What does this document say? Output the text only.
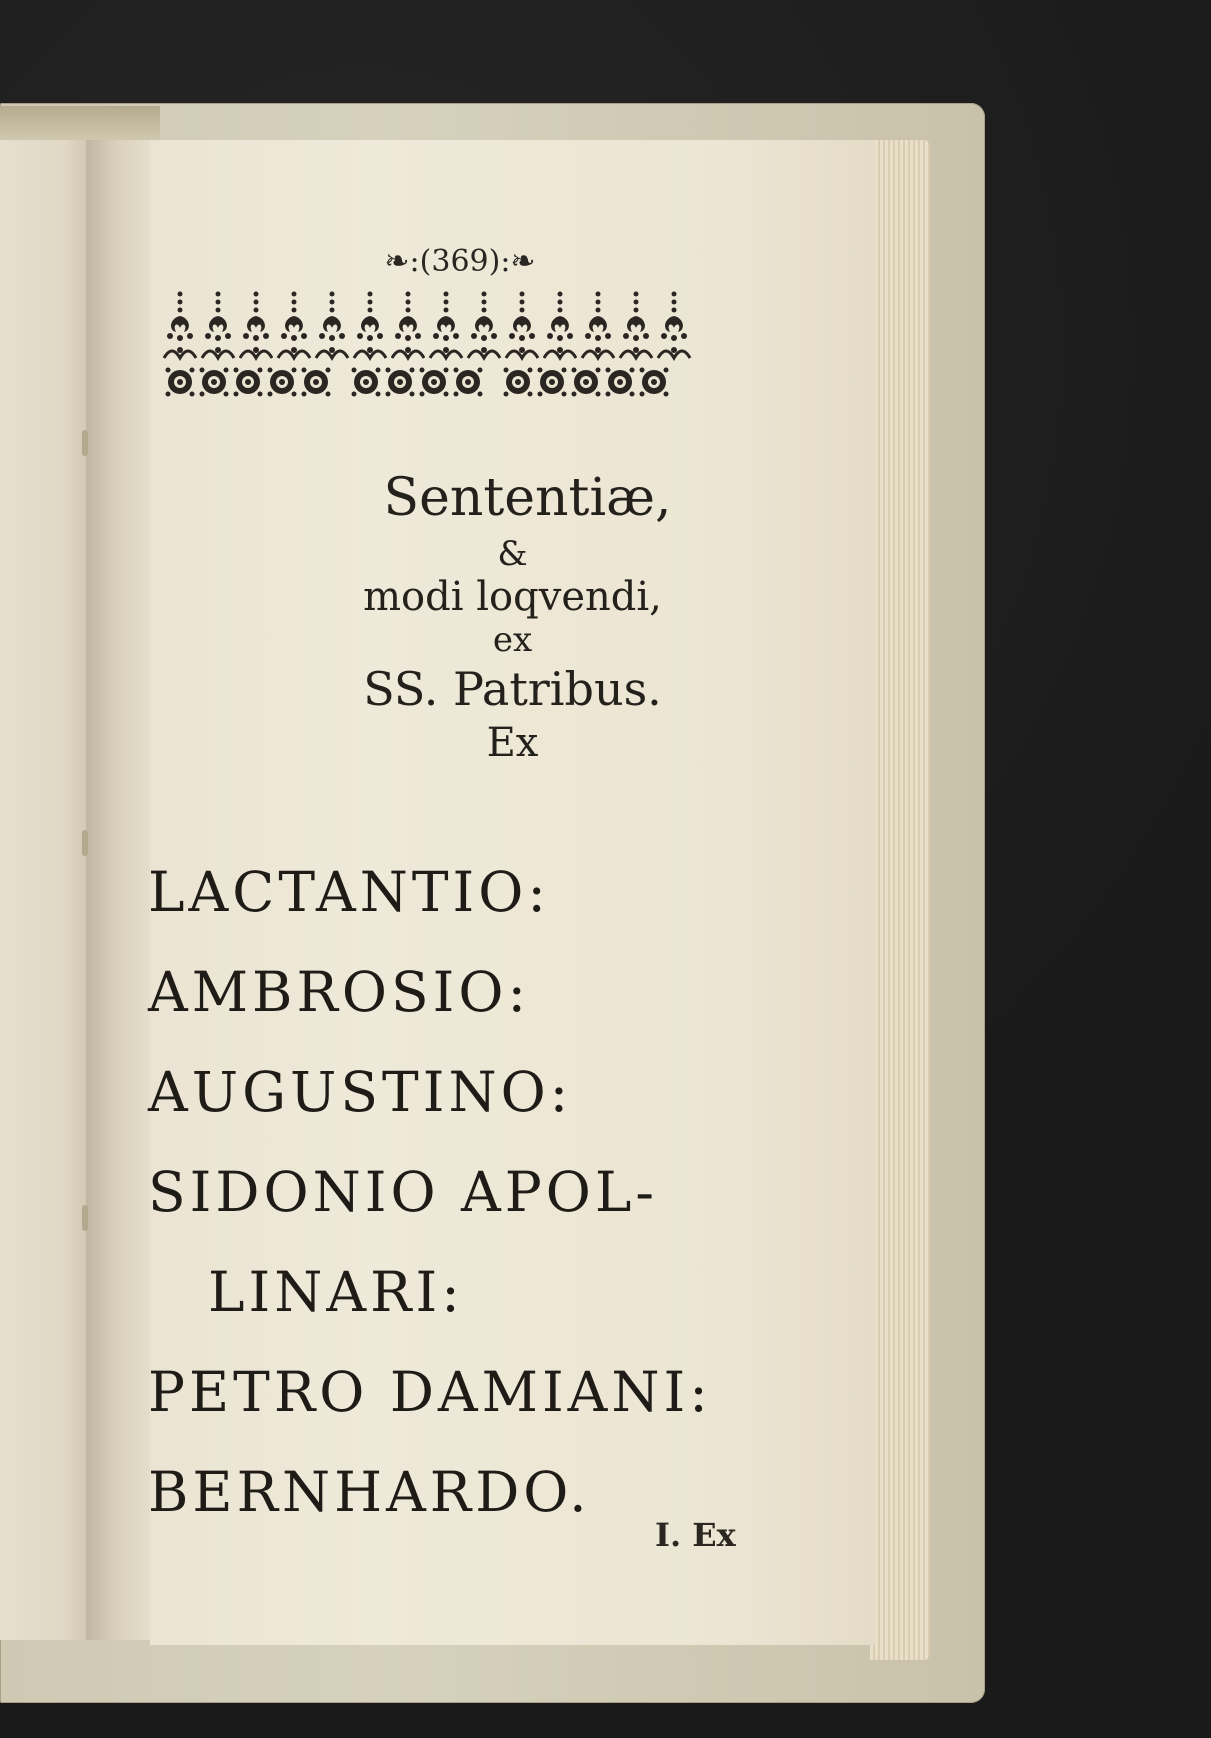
❧:(369):❧
Sententiæ,
&
modi loqvendi,
ex
SS. Patribus.
Ex
LACTANTIO:
AMBROSIO:
AUGUSTINO:
SIDONIO APOL-
LINARI:
PETRO DAMIANI:
BERNHARDO.
I. Ex
